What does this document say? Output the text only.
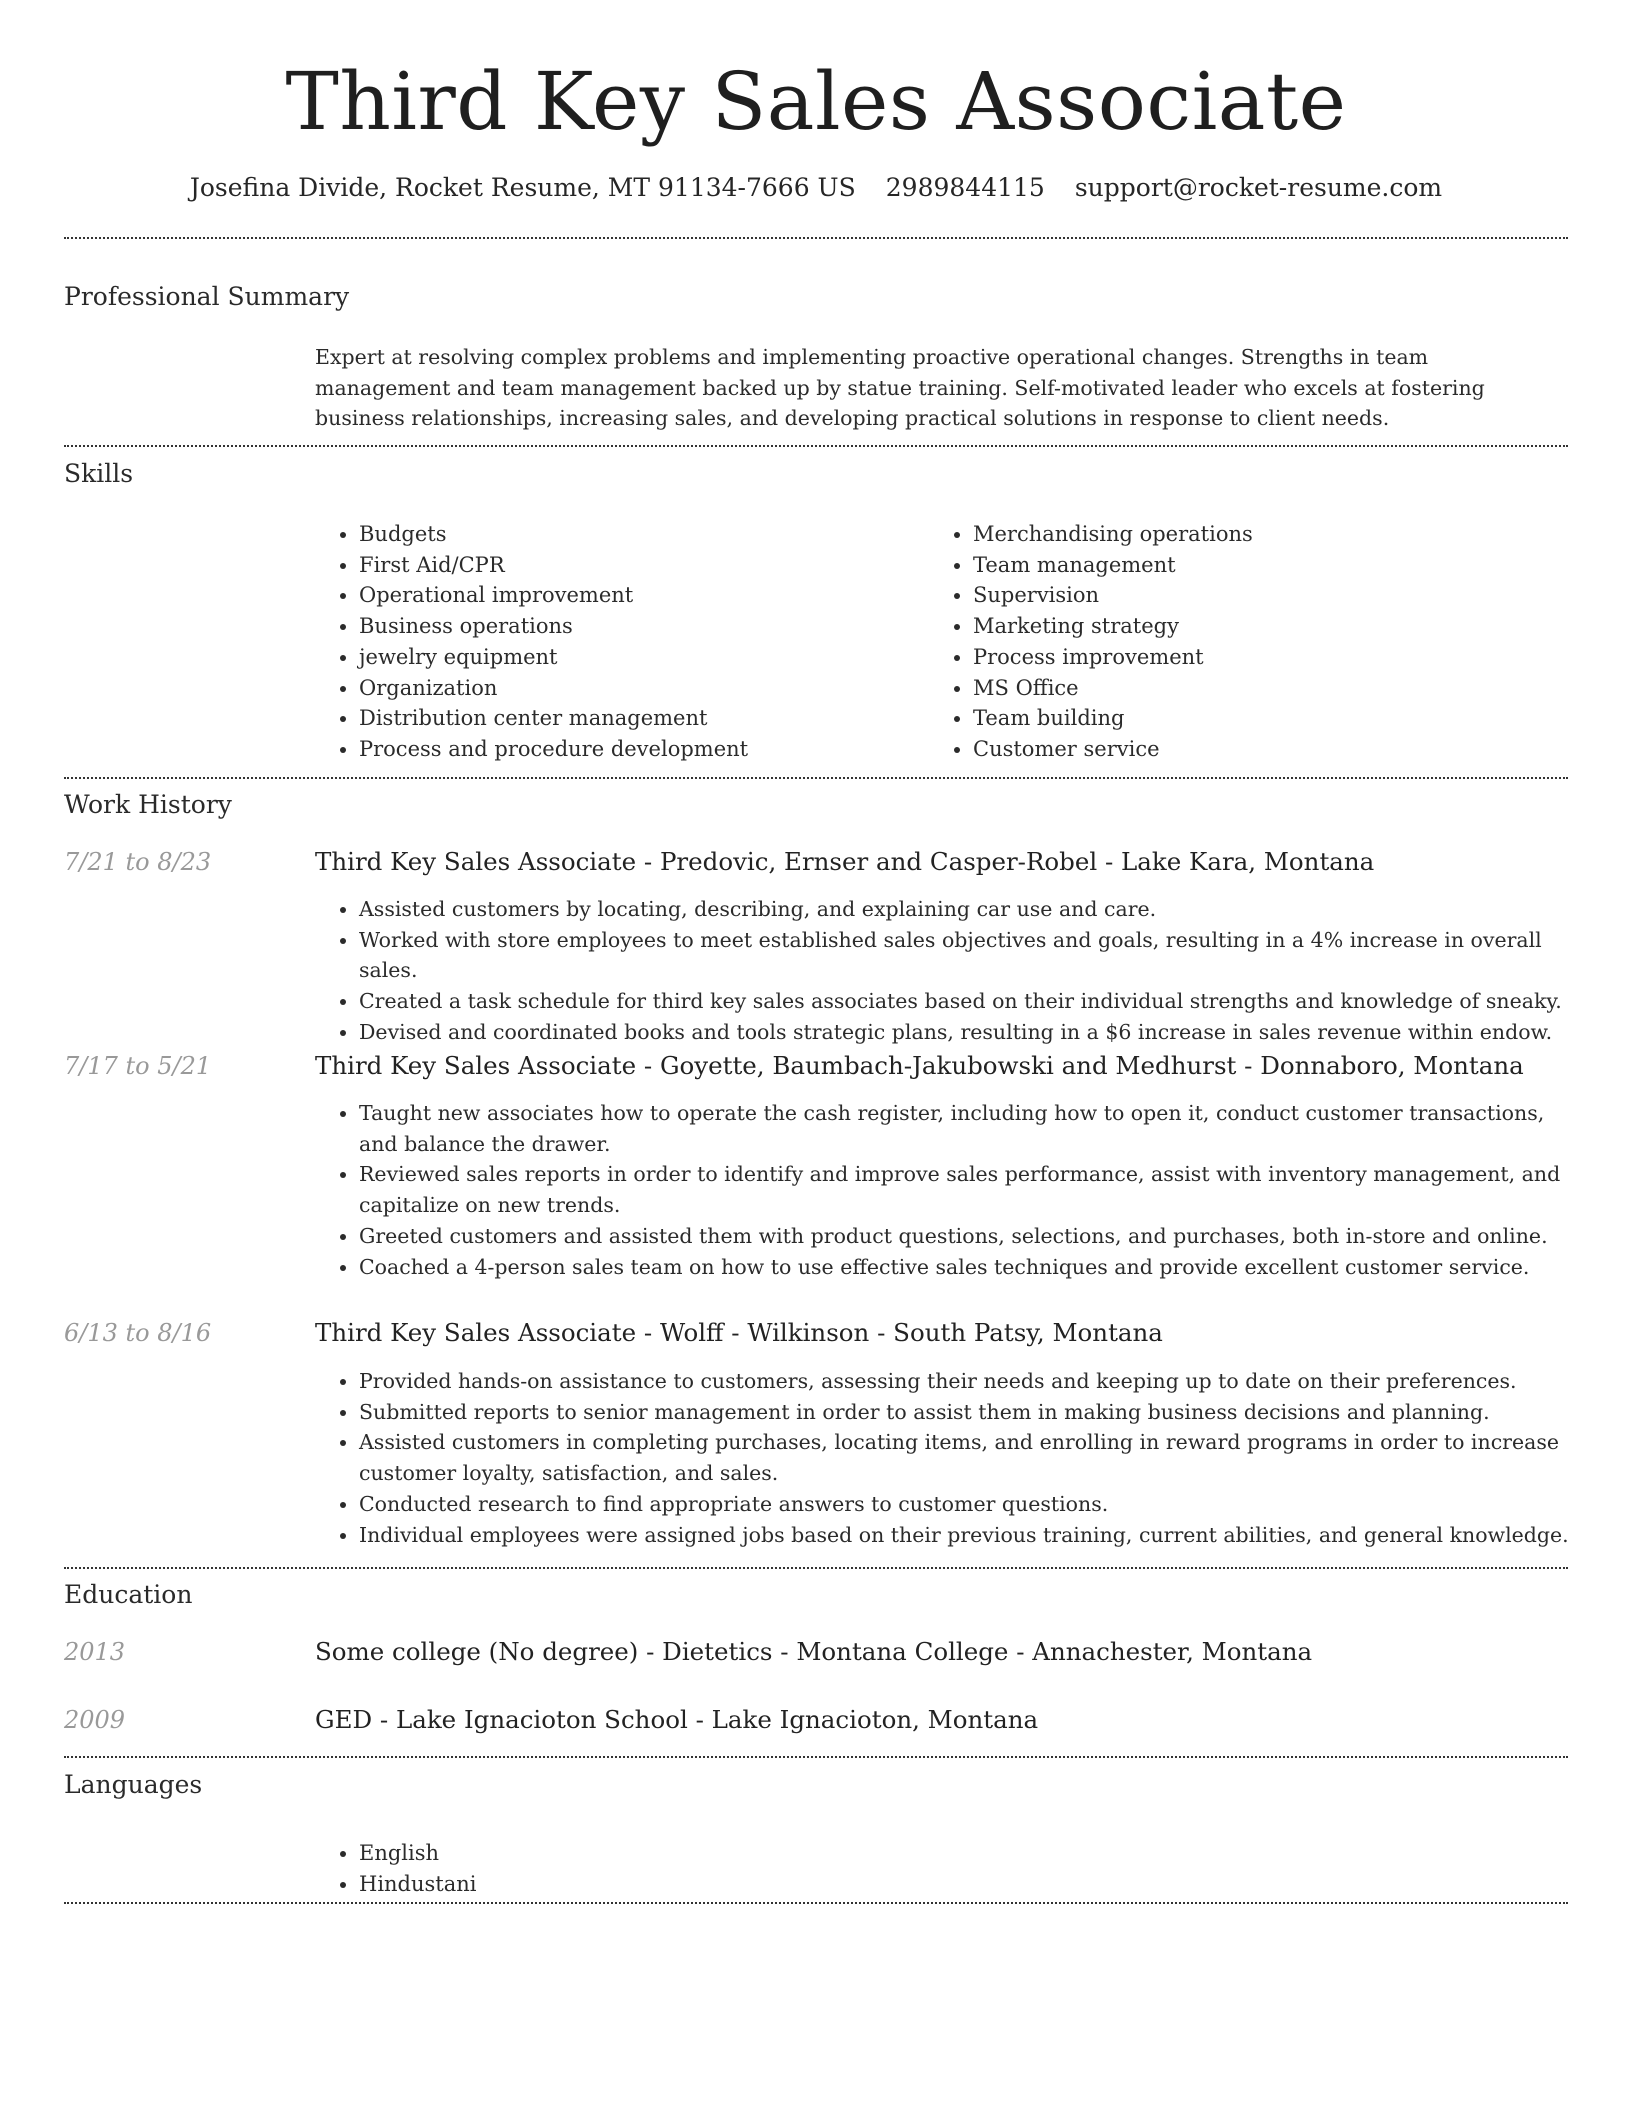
Third Key Sales Associate
Josefina Divide, Rocket Resume, MT 91134-7666 US 2989844115 support@rocket-resume.com
Professional Summary

Expert at resolving complex problems and implementing proactive operational changes. Strengths in team management and team management backed up by statue training. Self-motivated leader who excels at fostering business relationships, increasing sales, and developing practical solutions in response to client needs.

Skills
• Budgets
• First Aid/CPR
• Operational improvement
• Business operations
• jewelry equipment
• Organization
• Distribution center management
• Process and procedure development
• Merchandising operations
• Team management
• Supervision
• Marketing strategy
• Process improvement
• MS Office
• Team building
• Customer service
Work History
7/21 to 8/23	Third Key Sales Associate - Predovic, Ernser and Casper-Robel - Lake Kara, Montana
• Assisted customers by locating, describing, and explaining car use and care.
• Worked with store employees to meet established sales objectives and goals, resulting in a 4% increase in overall sales.
• Created a task schedule for third key sales associates based on their individual strengths and knowledge of sneaky.
• Devised and coordinated books and tools strategic plans, resulting in a $6 increase in sales revenue within endow.
7/17 to 5/21	Third Key Sales Associate - Goyette, Baumbach-Jakubowski and Medhurst - Donnaboro, Montana
• Taught new associates how to operate the cash register, including how to open it, conduct customer transactions, and balance the drawer.
• Reviewed sales reports in order to identify and improve sales performance, assist with inventory management, and capitalize on new trends.
• Greeted customers and assisted them with product questions, selections, and purchases, both in-store and online.
• Coached a 4-person sales team on how to use effective sales techniques and provide excellent customer service.
6/13 to 8/16	Third Key Sales Associate - Wolff - Wilkinson - South Patsy, Montana
• Provided hands-on assistance to customers, assessing their needs and keeping up to date on their preferences.
• Submitted reports to senior management in order to assist them in making business decisions and planning.
• Assisted customers in completing purchases, locating items, and enrolling in reward programs in order to increase customer loyalty, satisfaction, and sales.
• Conducted research to find appropriate answers to customer questions.
• Individual employees were assigned jobs based on their previous training, current abilities, and general knowledge.
Education
2013	Some college (No degree) - Dietetics - Montana College - Annachester, Montana
2009	GED - Lake Ignacioton School - Lake Ignacioton, Montana
Languages
• English
• Hindustani
